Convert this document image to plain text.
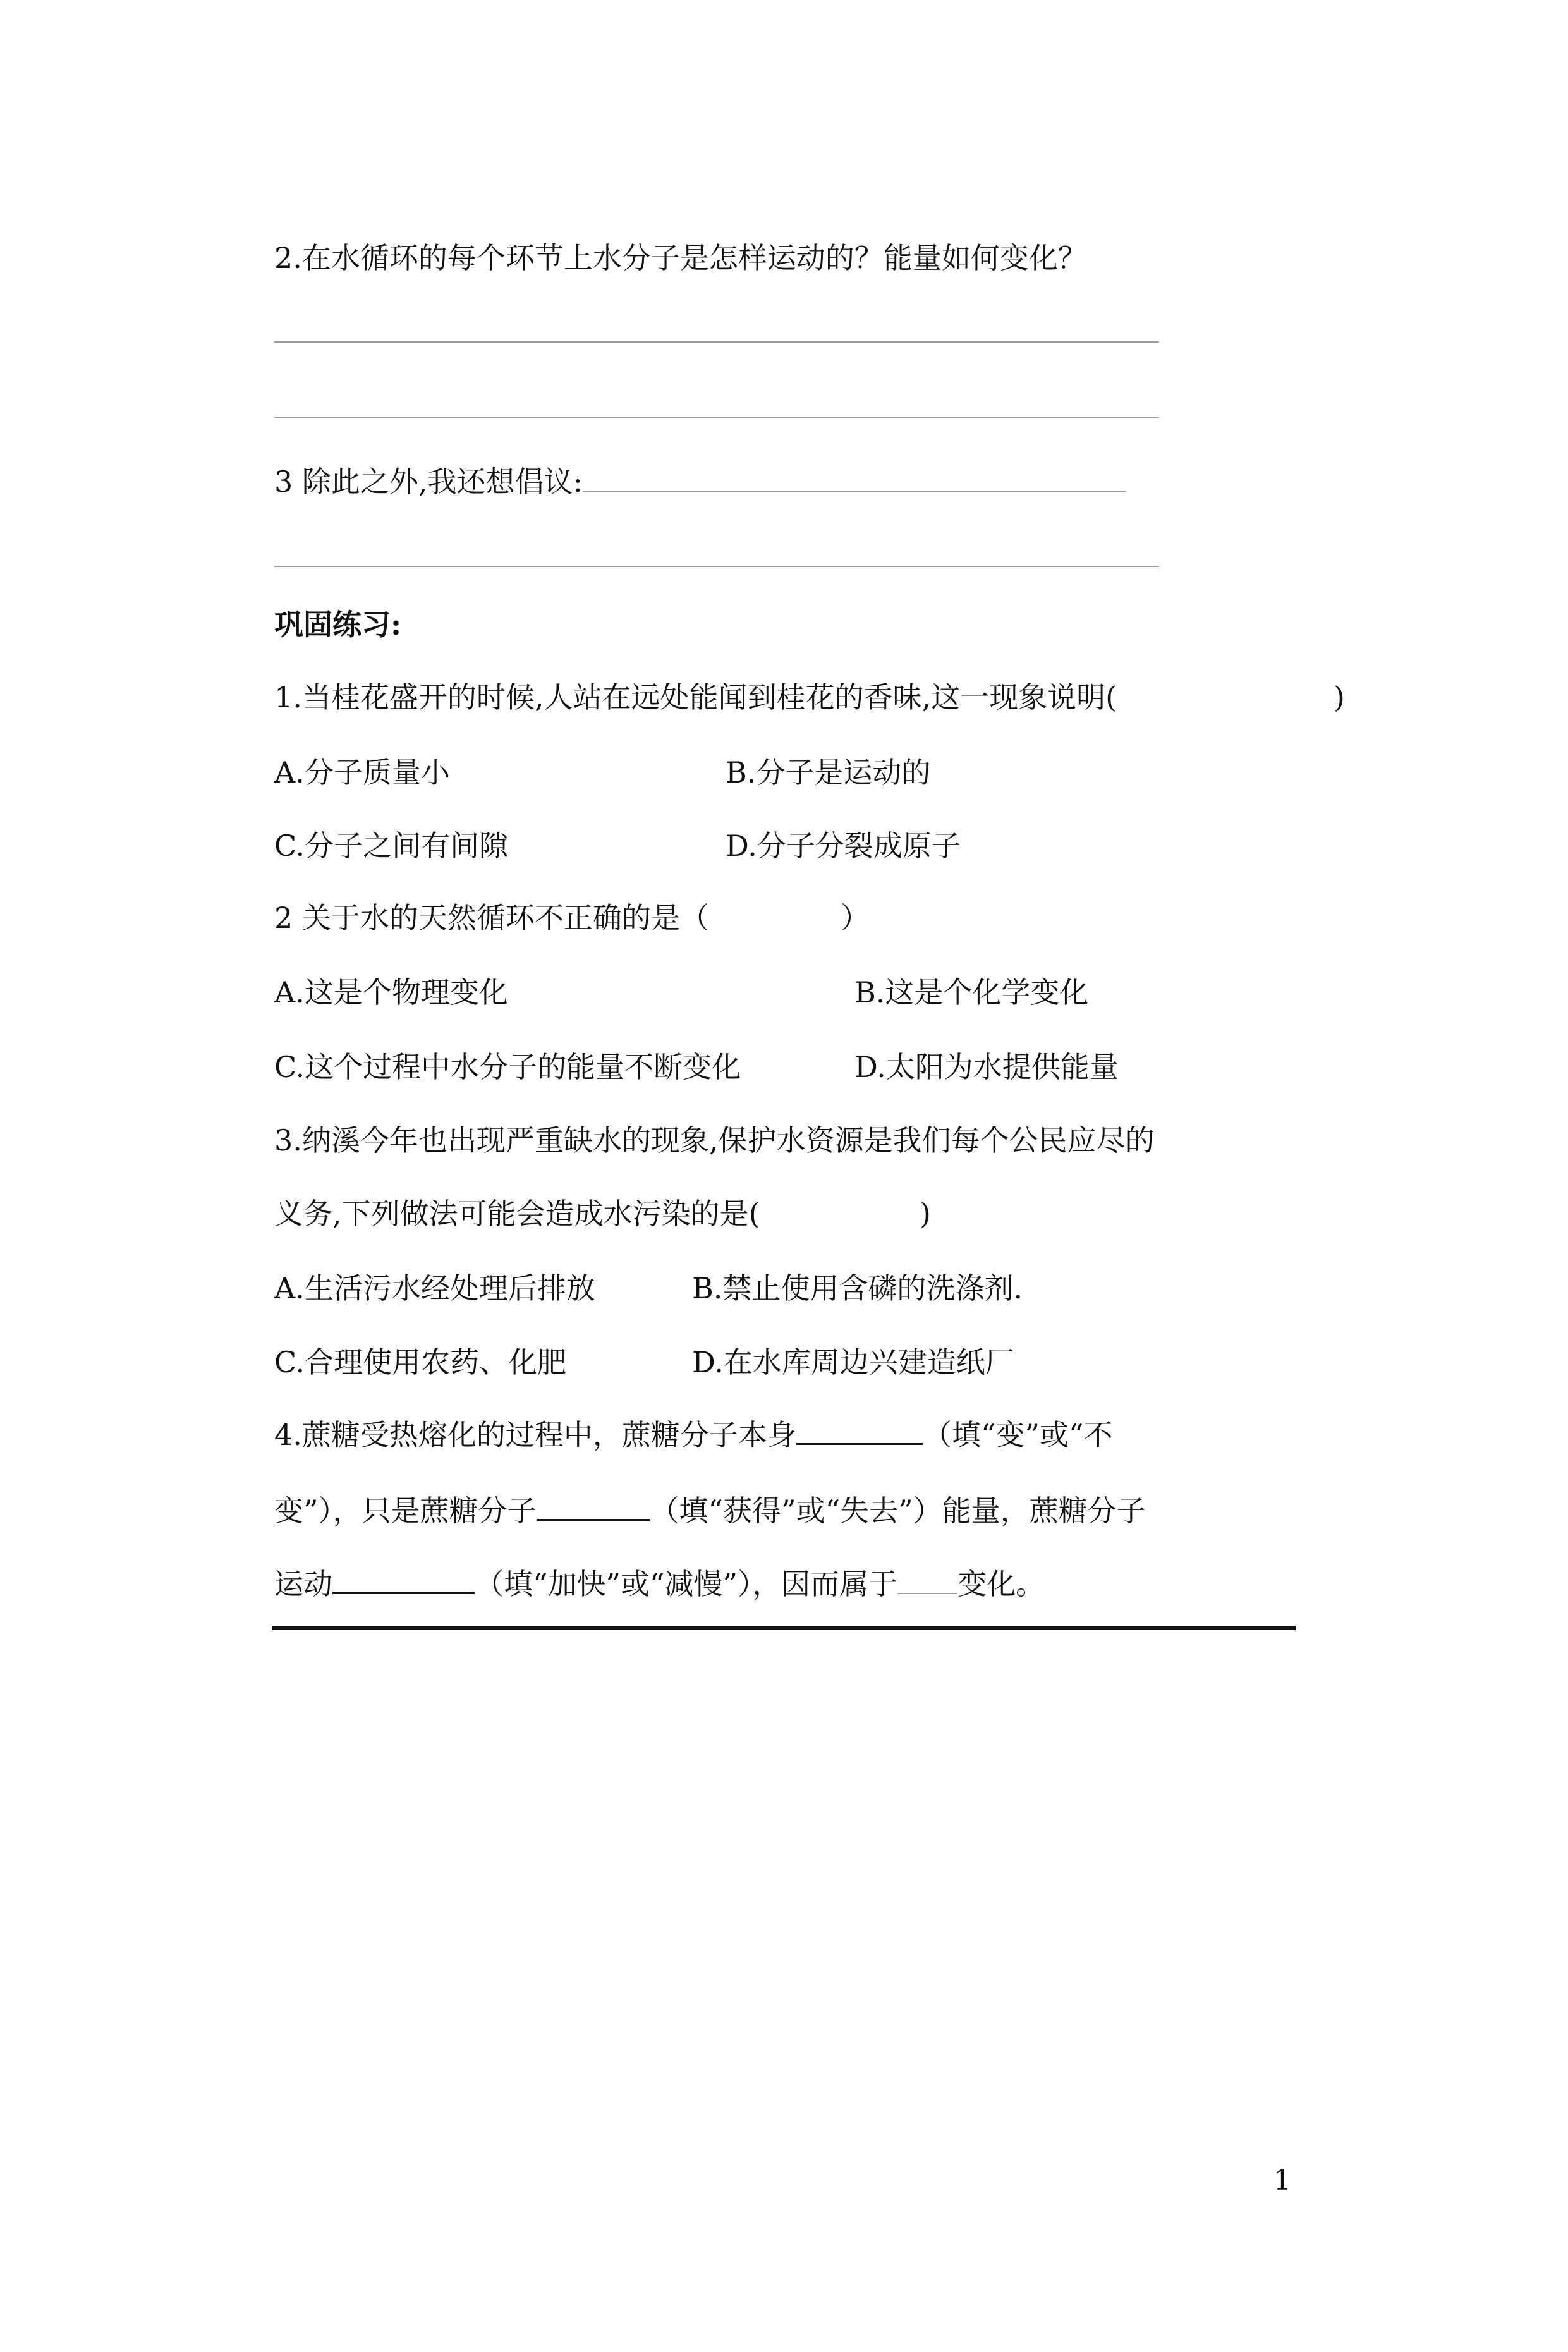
2.在水循环的每个环节上水分子是怎样运动的？能量如何变化？
3 除此之外,我还想倡议:
巩固练习:
1.当桂花盛开的时候,人站在远处能闻到桂花的香味,这一现象说明(	)
A.分子质量小	B.分子是运动的
C.分子之间有间隙	D.分子分裂成原子
2 关于水的天然循环不正确的是（	）
A.这是个物理变化	B.这是个化学变化
C.这个过程中水分子的能量不断变化	D.太阳为水提供能量
3.纳溪今年也出现严重缺水的现象,保护水资源是我们每个公民应尽的
义务,下列做法可能会造成水污染的是(	)
A.生活污水经处理后排放	B.禁止使用含磷的洗涤剂.
C.合理使用农药、化肥	D.在水库周边兴建造纸厂
4.蔗糖受热熔化的过程中，蔗糖分子本身	（填“变”或“不
变”），只是蔗糖分子	（填“获得”或“失去”）能量，蔗糖分子
运动	（填“加快”或“减慢”），因而属于 变化。
1
